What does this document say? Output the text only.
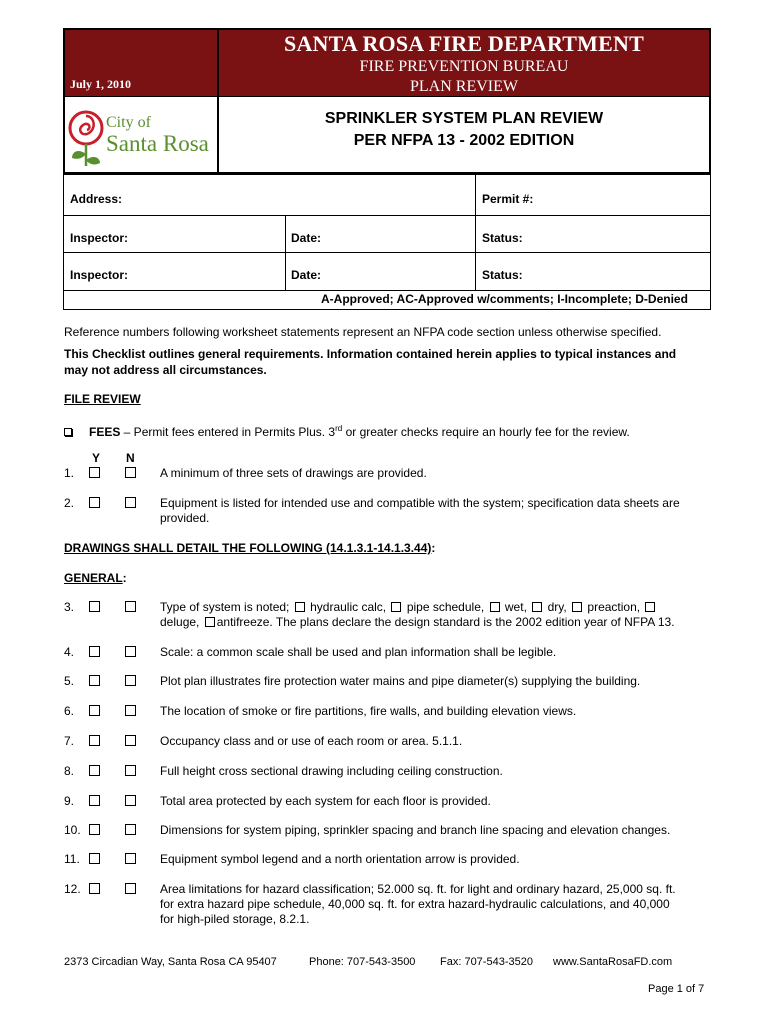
July 1, 2010
SANTA ROSA FIRE DEPARTMENT
FIRE PREVENTION BUREAU
PLAN REVIEW
City of
Santa Rosa
SPRINKLER SYSTEM PLAN REVIEW
PER NFPA 13 - 2002 EDITION
Address:	Permit #:
Inspector:	Date:	Status:
Inspector:	Date:	Status:
A-Approved; AC-Approved w/comments; I-Incomplete; D-Denied
Reference numbers following worksheet statements represent an NFPA code section unless otherwise specified.
This Checklist outlines general requirements. Information contained herein applies to typical instances and
may not address all circumstances.
FILE REVIEW
FEES – Permit fees entered in Permits Plus. 3rd or greater checks require an hourly fee for the review.
Y N
1.	A minimum of three sets of drawings are provided.
2.	Equipment is listed for intended use and compatible with the system; specification data sheets are
provided.
DRAWINGS SHALL DETAIL THE FOLLOWING (14.1.3.1-14.1.3.44):
GENERAL:
3.	Type of system is noted; hydraulic calc, pipe schedule, wet, dry, preaction,
deluge, antifreeze. The plans declare the design standard is the 2002 edition year of NFPA 13.
4.	Scale: a common scale shall be used and plan information shall be legible.
5.	Plot plan illustrates fire protection water mains and pipe diameter(s) supplying the building.
6.	The location of smoke or fire partitions, fire walls, and building elevation views.
7.	Occupancy class and or use of each room or area. 5.1.1.
8.	Full height cross sectional drawing including ceiling construction.
9.	Total area protected by each system for each floor is provided.
10.	Dimensions for system piping, sprinkler spacing and branch line spacing and elevation changes.
11.	Equipment symbol legend and a north orientation arrow is provided.
12.	Area limitations for hazard classification; 52.000 sq. ft. for light and ordinary hazard, 25,000 sq. ft.
for extra hazard pipe schedule, 40,000 sq. ft. for extra hazard-hydraulic calculations, and 40,000
for high-piled storage, 8.2.1.
2373 Circadian Way, Santa Rosa CA 95407	Phone: 707-543-3500 Fax: 707-543-3520 www.SantaRosaFD.com
Page 1 of 7
